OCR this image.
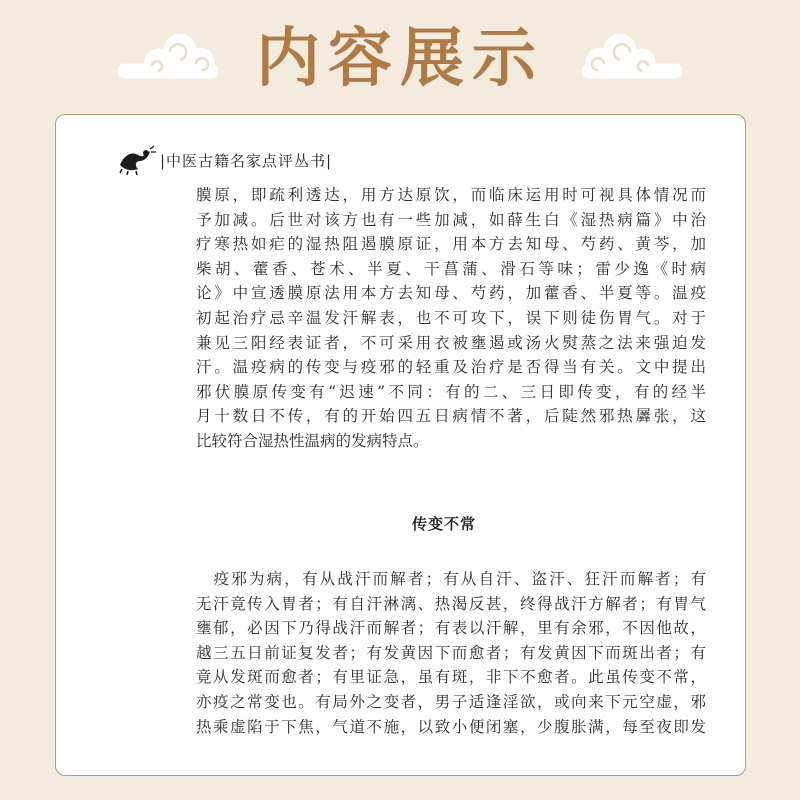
内容展示
|中医古籍名家点评丛书|
膜原，即疏利透达，用方达原饮，而临床运用时可视具体情况而
予加减。后世对该方也有一些加减，如薛生白《湿热病篇》中治
疗寒热如疟的湿热阻遏膜原证，用本方去知母、芍药、黄芩，加
柴胡、藿香、苍术、半夏、干菖蒲、滑石等味；雷少逸《时病
论》中宣透膜原法用本方去知母、芍药，加藿香、半夏等。温疫
初起治疗忌辛温发汗解表，也不可攻下，误下则徒伤胃气。对于
兼见三阳经表证者，不可采用衣被壅遏或汤火熨蒸之法来强迫发
汗。温疫病的传变与疫邪的轻重及治疗是否得当有关。文中提出
邪伏膜原传变有“迟速”不同：有的二、三日即传变，有的经半
月十数日不传，有的开始四五日病情不著，后陡然邪热羼张，这
比较符合湿热性温病的发病特点。
传变不常
　疫邪为病，有从战汗而解者；有从自汗、盗汗、狂汗而解者；有
无汗竟传入胃者；有自汗淋漓、热渴反甚，终得战汗方解者；有胃气
壅郁，必因下乃得战汗而解者；有表以汗解，里有余邪，不因他故，
越三五日前证复发者；有发黄因下而愈者；有发黄因下而斑出者；有
竟从发斑而愈者；有里证急，虽有斑，非下不愈者。此虽传变不常，
亦疫之常变也。有局外之变者，男子适逢淫欲，或向来下元空虚，邪
热乘虚陷于下焦，气道不施，以致小便闭塞，少腹胀满，每至夜即发
